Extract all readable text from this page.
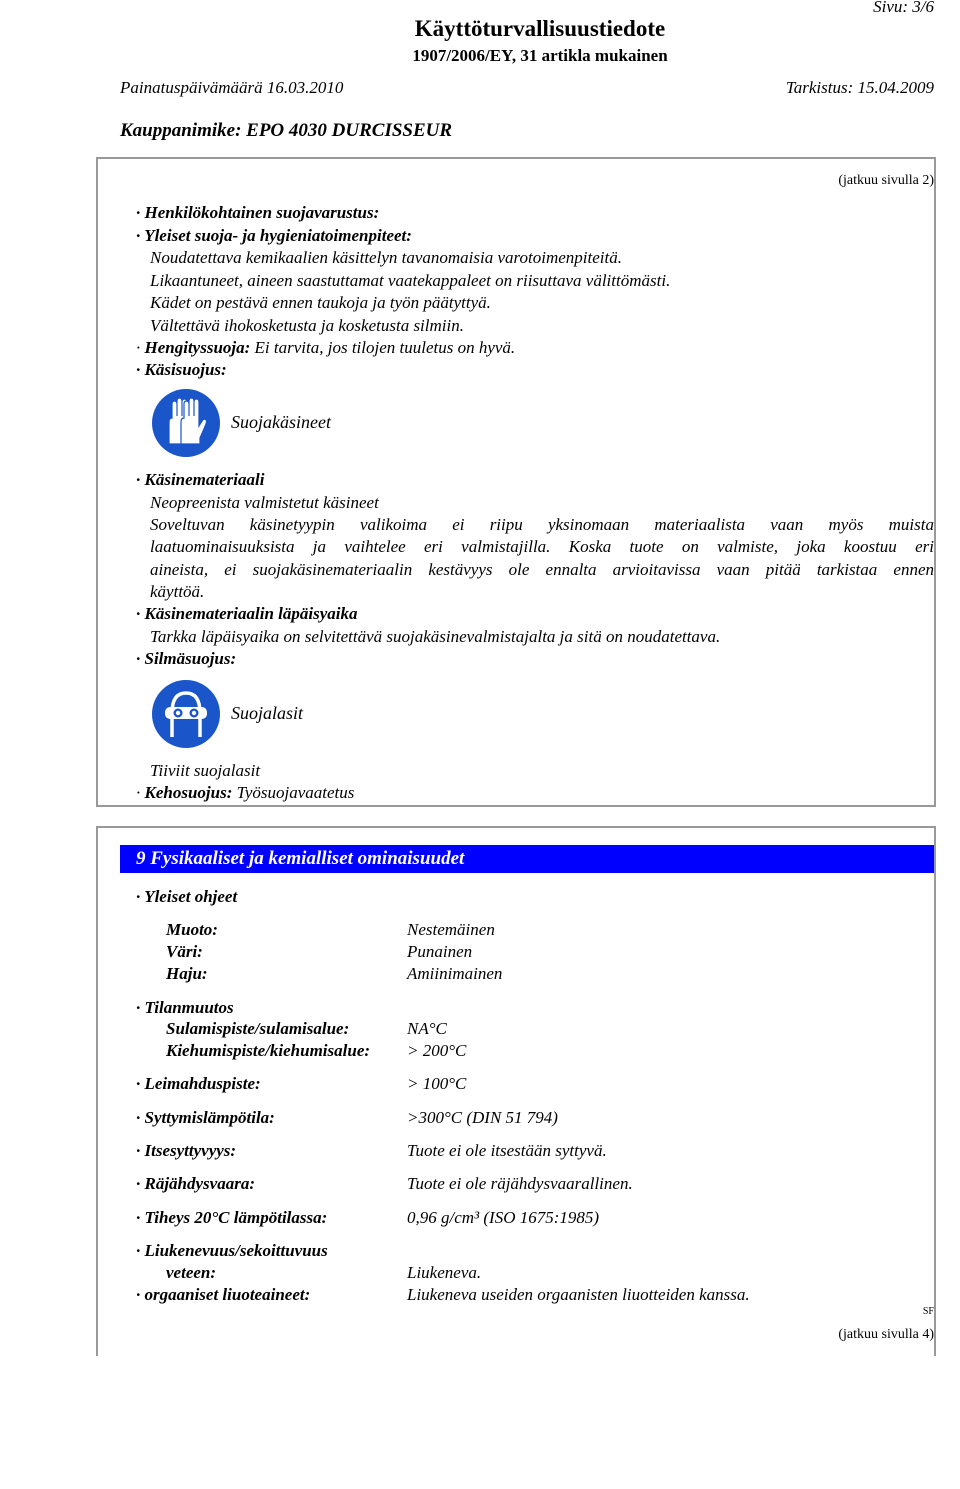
Sivu: 3/6
Käyttöturvallisuustiedote
1907/2006/EY, 31 artikla mukainen
Painatuspäivämäärä 16.03.2010	Tarkistus: 15.04.2009
Kauppanimike: EPO 4030 DURCISSEUR
(jatkuu sivulla 2)
· Henkilökohtainen suojavarustus:
· Yleiset suoja- ja hygieniatoimenpiteet:
Noudatettava kemikaalien käsittelyn tavanomaisia varotoimenpiteitä.
Likaantuneet, aineen saastuttamat vaatekappaleet on riisuttava välittömästi.
Kädet on pestävä ennen taukoja ja työn päätyttyä.
Vältettävä ihokosketusta ja kosketusta silmiin.
· Hengityssuoja: Ei tarvita, jos tilojen tuuletus on hyvä.
· Käsisuojus:
Suojakäsineet
· Käsinemateriaali
Neopreenista valmistetut käsineet
Soveltuvan käsinetyypin valikoima ei riipu yksinomaan materiaalista vaan myös muista
laatuominaisuuksista ja vaihtelee eri valmistajilla. Koska tuote on valmiste, joka koostuu eri
aineista, ei suojakäsinemateriaalin kestävyys ole ennalta arvioitavissa vaan pitää tarkistaa ennen
käyttöä.
· Käsinemateriaalin läpäisyaika
Tarkka läpäisyaika on selvitettävä suojakäsinevalmistajalta ja sitä on noudatettava.
· Silmäsuojus:
Suojalasit
Tiiviit suojalasit
· Kehosuojus: Työsuojavaatetus
9 Fysikaaliset ja kemialliset ominaisuudet
· Yleiset ohjeet
Muoto:	Nestemäinen
Väri:	Punainen
Haju:	Amiinimainen
· Tilanmuutos
Sulamispiste/sulamisalue:	NA°C
Kiehumispiste/kiehumisalue: > 200°C
· Leimahduspiste:	> 100°C
· Syttymislämpötila:	>300°C (DIN 51 794)
· Itsesyttyvyys:	Tuote ei ole itsestään syttyvä.
· Räjähdysvaara:	Tuote ei ole räjähdysvaarallinen.
· Tiheys 20°C lämpötilassa:	0,96 g/cm³ (ISO 1675:1985)
· Liukenevuus/sekoittuvuus
veteen:	Liukeneva.
· orgaaniset liuoteaineet:	Liukeneva useiden orgaanisten liuotteiden kanssa.
SF
(jatkuu sivulla 4)
